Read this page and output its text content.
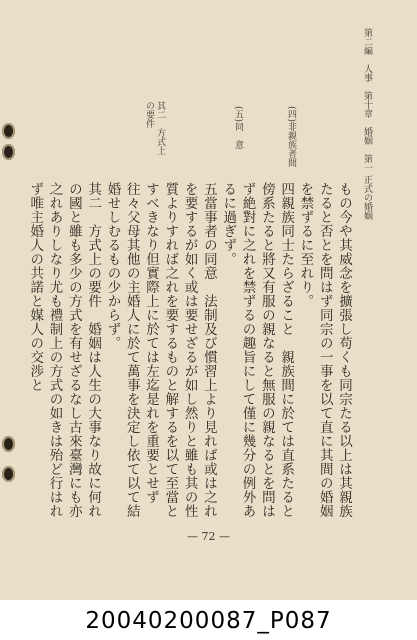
第二編　人事　第十章　婚姻　第一 正式の婚姻
(四)非親族者間
(五)同　意
其二　方式上の要件

もの今や其威念を擴張し苟くも同宗たる以上は其親族たると否とを問はず同宗の一事を以て直に其間の婚姻を禁ずるに至れり。

四親族同士たらざること　親族間に於ては直系たると傍系たると將又有服の親なると無服の親なるとを問はず絶對に之れを禁ずるの趣旨にして僅に幾分の例外あるに過ぎず。

五當事者の同意　法制及び慣習上より見れば或は之れを要するが如く或は要せざるが如し然りと雖も其の性質よりすれば之れを要するものと解するを以て至當とすべきなり但實際上に於ては左迄是れを重要とせず往々父母其他の主婚人に於て萬事を決定し依て以て結婚せしむるもの少からず。

其二　方式上の要件　婚姻は人生の大事なり故に何れの國と雖も多少の方式を有せざるなし古來臺灣にも亦之れありしなり尤も禮制上の方式の如きは殆ど行はれず唯主婚人の共諾と媒人の交渉と

— 72 —
20040200087_P087
